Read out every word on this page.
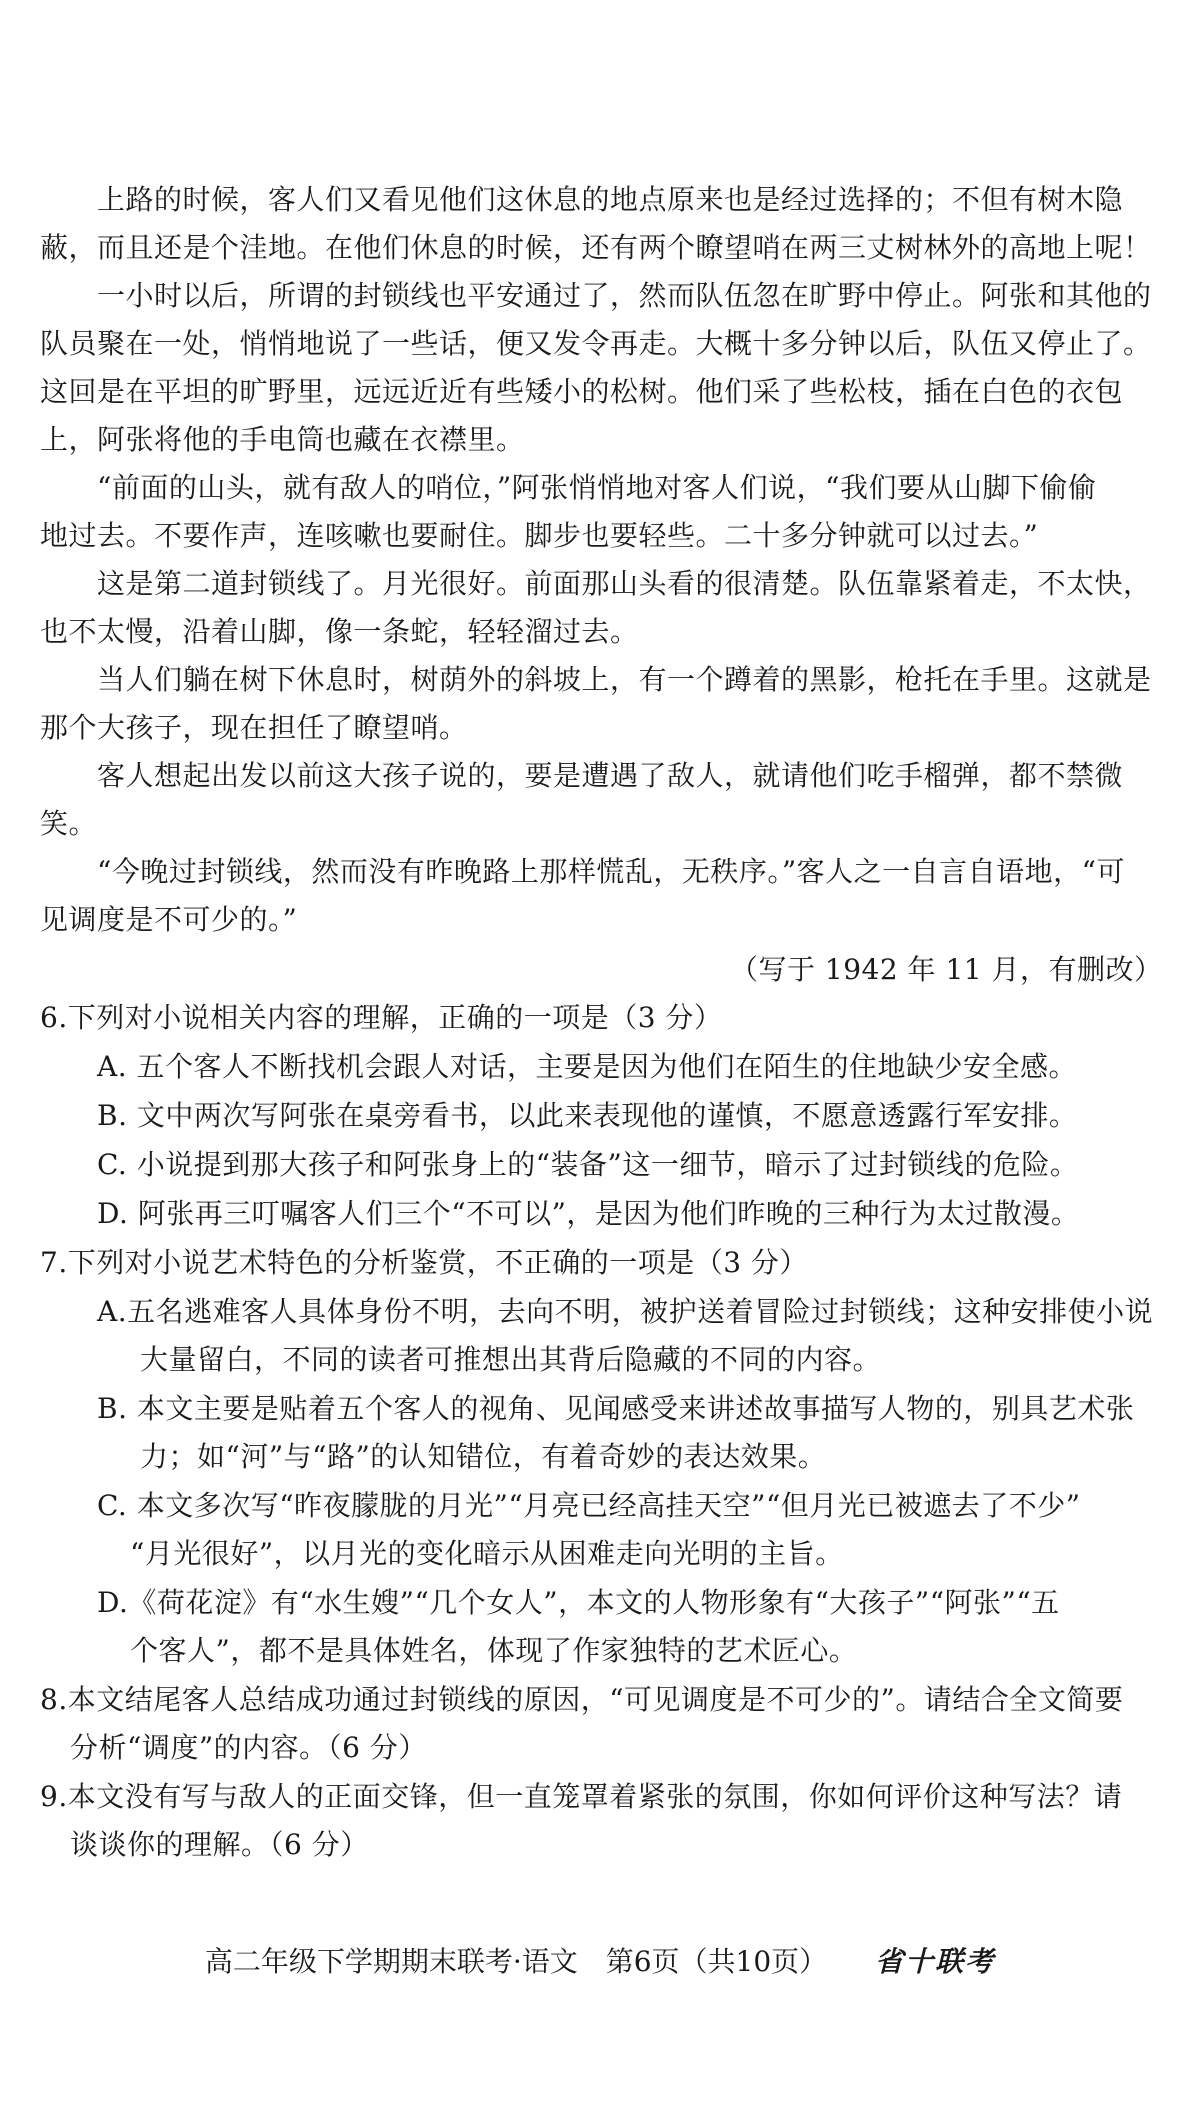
上路的时候，客人们又看见他们这休息的地点原来也是经过选择的；不但有树木隐
蔽，而且还是个洼地。在他们休息的时候，还有两个瞭望哨在两三丈树林外的高地上呢！
一小时以后，所谓的封锁线也平安通过了，然而队伍忽在旷野中停止。阿张和其他的
队员聚在一处，悄悄地说了一些话，便又发令再走。大概十多分钟以后，队伍又停止了。
这回是在平坦的旷野里，远远近近有些矮小的松树。他们采了些松枝，插在白色的衣包
上，阿张将他的手电筒也藏在衣襟里。
“前面的山头，就有敌人的哨位，”阿张悄悄地对客人们说，“我们要从山脚下偷偷
地过去。不要作声，连咳嗽也要耐住。脚步也要轻些。二十多分钟就可以过去。”
这是第二道封锁线了。月光很好。前面那山头看的很清楚。队伍靠紧着走，不太快，
也不太慢，沿着山脚，像一条蛇，轻轻溜过去。
当人们躺在树下休息时，树荫外的斜坡上，有一个蹲着的黑影，枪托在手里。这就是
那个大孩子，现在担任了瞭望哨。
客人想起出发以前这大孩子说的，要是遭遇了敌人，就请他们吃手榴弹，都不禁微
笑。
“今晚过封锁线，然而没有昨晚路上那样慌乱，无秩序。”客人之一自言自语地，“可
见调度是不可少的。”
（写于 1942 年 11 月，有删改）
6.下列对小说相关内容的理解，正确的一项是（3 分）
A. 五个客人不断找机会跟人对话，主要是因为他们在陌生的住地缺少安全感。
B. 文中两次写阿张在桌旁看书，以此来表现他的谨慎，不愿意透露行军安排。
C. 小说提到那大孩子和阿张身上的“装备”这一细节，暗示了过封锁线的危险。
D. 阿张再三叮嘱客人们三个“不可以”，是因为他们昨晚的三种行为太过散漫。
7.下列对小说艺术特色的分析鉴赏，不正确的一项是（3 分）
A.五名逃难客人具体身份不明，去向不明，被护送着冒险过封锁线；这种安排使小说
大量留白，不同的读者可推想出其背后隐藏的不同的内容。
B. 本文主要是贴着五个客人的视角、见闻感受来讲述故事描写人物的，别具艺术张
力；如“河”与“路”的认知错位，有着奇妙的表达效果。
C. 本文多次写“昨夜朦胧的月光”“月亮已经高挂天空”“但月光已被遮去了不少”
“月光很好”，以月光的变化暗示从困难走向光明的主旨。
D.《荷花淀》有“水生嫂”“几个女人”，本文的人物形象有“大孩子”“阿张”“五
个客人”，都不是具体姓名，体现了作家独特的艺术匠心。
8.本文结尾客人总结成功通过封锁线的原因，“可见调度是不可少的”。请结合全文简要
分析“调度”的内容。（6 分）
9.本文没有写与敌人的正面交锋，但一直笼罩着紧张的氛围，你如何评价这种写法？请
谈谈你的理解。（6 分）
高二年级下学期期末联考·语文　第6页（共10页） 省十联考
